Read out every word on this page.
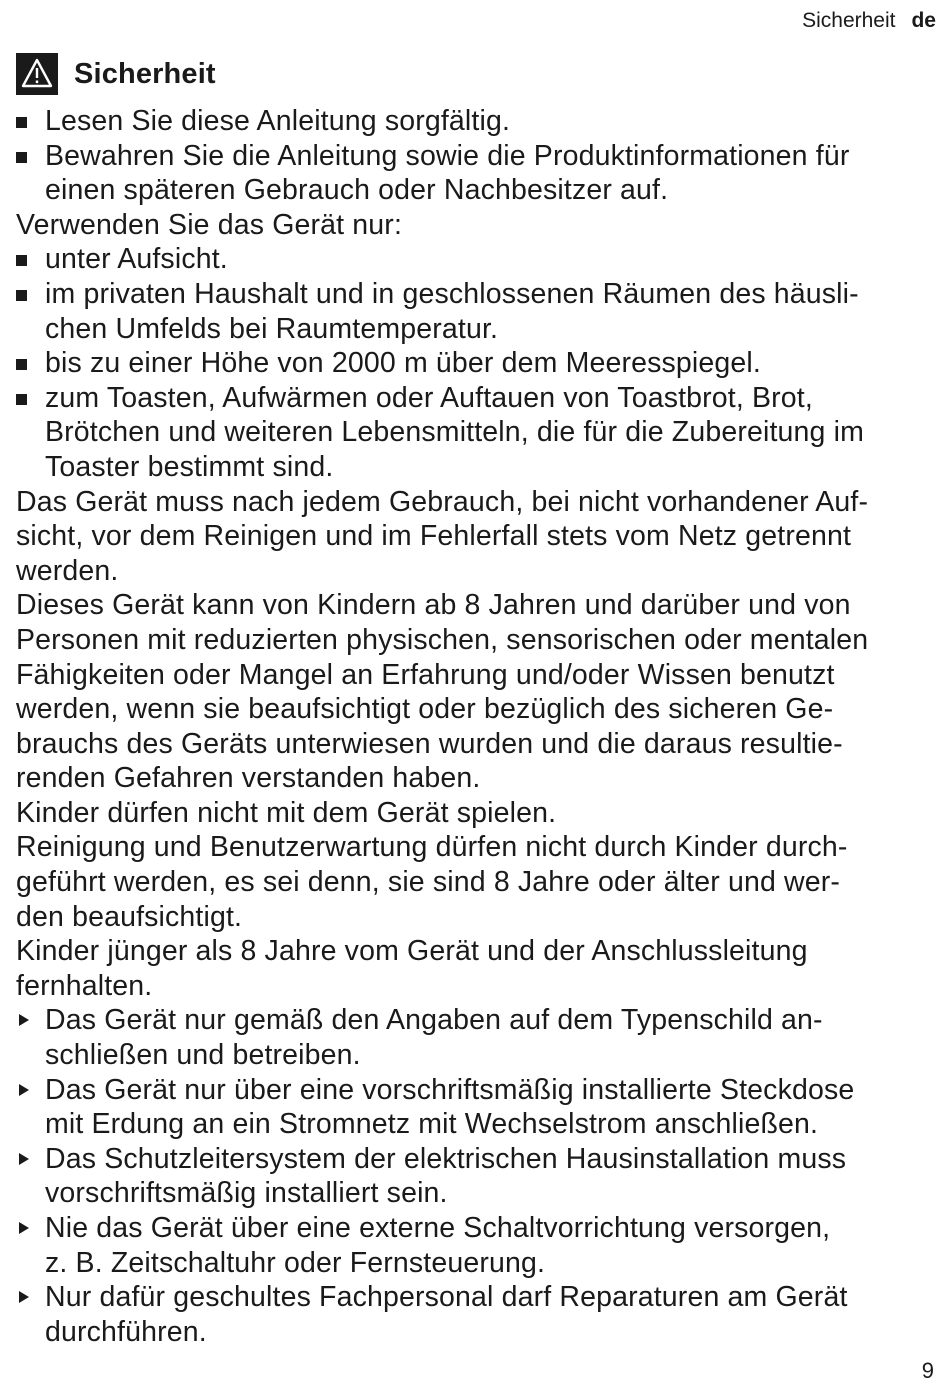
Sicherheit de
Sicherheit
Lesen Sie diese Anleitung sorgfältig.
Bewahren Sie die Anleitung sowie die Produktinformationen für
einen späteren Gebrauch oder Nachbesitzer auf.
Verwenden Sie das Gerät nur:
unter Aufsicht.
im privaten Haushalt und in geschlossenen Räumen des häusli-
chen Umfelds bei Raumtemperatur.
bis zu einer Höhe von 2000 m über dem Meeresspiegel.
zum Toasten, Aufwärmen oder Auftauen von Toastbrot, Brot,
Brötchen und weiteren Lebensmitteln, die für die Zubereitung im
Toaster bestimmt sind.
Das Gerät muss nach jedem Gebrauch, bei nicht vorhandener Auf-
sicht, vor dem Reinigen und im Fehlerfall stets vom Netz getrennt
werden.
Dieses Gerät kann von Kindern ab 8 Jahren und darüber und von
Personen mit reduzierten physischen, sensorischen oder mentalen
Fähigkeiten oder Mangel an Erfahrung und/oder Wissen benutzt
werden, wenn sie beaufsichtigt oder bezüglich des sicheren Ge-
brauchs des Geräts unterwiesen wurden und die daraus resultie-
renden Gefahren verstanden haben.
Kinder dürfen nicht mit dem Gerät spielen.
Reinigung und Benutzerwartung dürfen nicht durch Kinder durch-
geführt werden, es sei denn, sie sind 8 Jahre oder älter und wer-
den beaufsichtigt.
Kinder jünger als 8 Jahre vom Gerät und der Anschlussleitung
fernhalten.
Das Gerät nur gemäß den Angaben auf dem Typenschild an-
schließen und betreiben.
Das Gerät nur über eine vorschriftsmäßig installierte Steckdose
mit Erdung an ein Stromnetz mit Wechselstrom anschließen.
Das Schutzleitersystem der elektrischen Hausinstallation muss
vorschriftsmäßig installiert sein.
Nie das Gerät über eine externe Schaltvorrichtung versorgen,
z. B. Zeitschaltuhr oder Fernsteuerung.
Nur dafür geschultes Fachpersonal darf Reparaturen am Gerät
durchführen.
9
